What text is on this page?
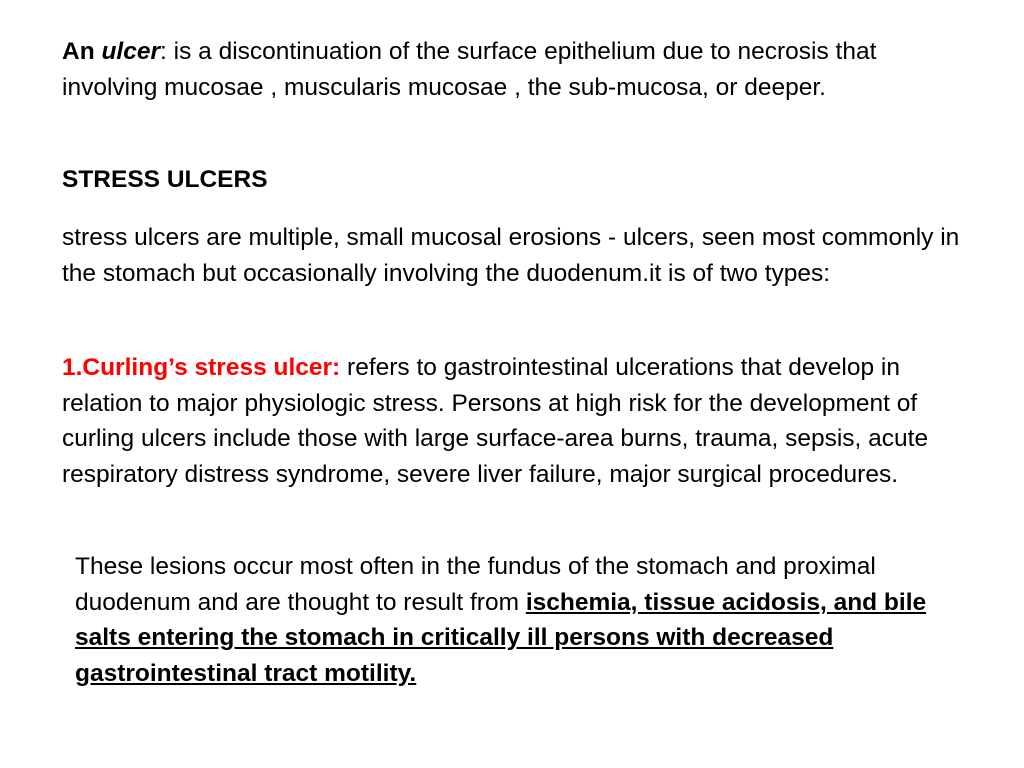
An ulcer: is a discontinuation of the surface epithelium due to necrosis that involving mucosae , muscularis mucosae , the sub-mucosa, or deeper.

STRESS ULCERS

stress ulcers are multiple, small mucosal erosions - ulcers, seen most commonly in the stomach but occasionally involving the duodenum.it is of two types:

1.Curling’s stress ulcer: refers to gastrointestinal ulcerations that develop in relation to major physiologic stress. Persons at high risk for the development of curling ulcers include those with large surface-area burns, trauma, sepsis, acute respiratory distress syndrome, severe liver failure, major surgical procedures.

These lesions occur most often in the fundus of the stomach and proximal duodenum and are thought to result from ischemia, tissue acidosis, and bile salts entering the stomach in critically ill persons with decreased gastrointestinal tract motility.
